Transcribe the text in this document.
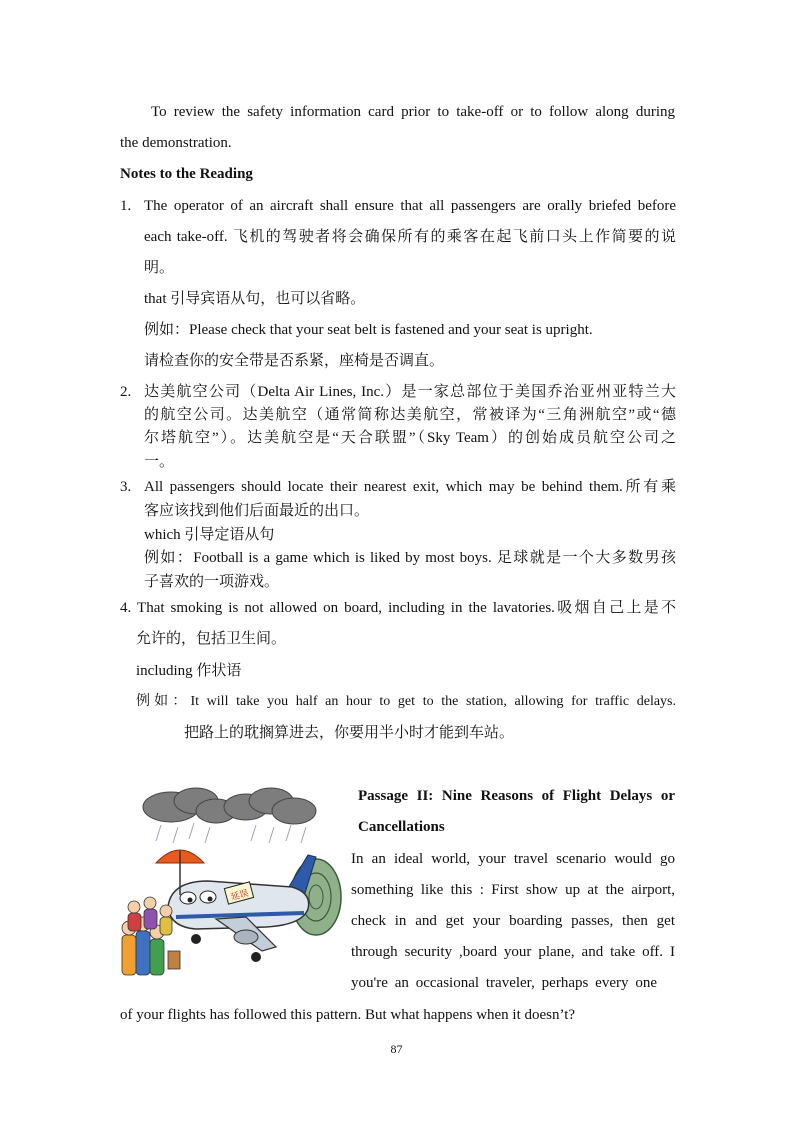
To review the safety information card prior to take-off or to follow along during
the demonstration.
Notes to the Reading
1. The operator of an aircraft shall ensure that all passengers are orally briefed before
each take-off. 飞机的驾驶者将会确保所有的乘客在起飞前口头上作简要的说
明。
that 引导宾语从句，也可以省略。
例如：Please check that your seat belt is fastened and your seat is upright.
请检查你的安全带是否系紧，座椅是否调直。
2. 达美航空公司（Delta Air Lines, Inc.）是一家总部位于美国乔治亚州亚特兰大
的航空公司。达美航空（通常简称达美航空，常被译为“三角洲航空”或“德
尔塔航空”）。达美航空是“天合联盟”（Sky Team）的创始成员航空公司之
一。
3. All passengers should locate their nearest exit, which may be behind them.所有乘
客应该找到他们后面最近的出口。
which 引导定语从句
例如：Football is a game which is liked by most boys. 足球就是一个大多数男孩
子喜欢的一项游戏。
4. That smoking is not allowed on board, including in the lavatories.吸烟自己上是不
允许的，包括卫生间。
including 作状语
例如：It will take you half an hour to get to the station, allowing for traffic delays.
把路上的耽搁算进去，你要用半小时才能到车站。
延误
Passage II: Nine Reasons of Flight Delays or
Cancellations
In an ideal world, your travel scenario would go
something like this : First show up at the airport,
check in and get your boarding passes, then get
through security ,board your plane, and take off. I
you're an occasional traveler, perhaps every one
of your flights has followed this pattern. But what happens when it doesn’t?
87
